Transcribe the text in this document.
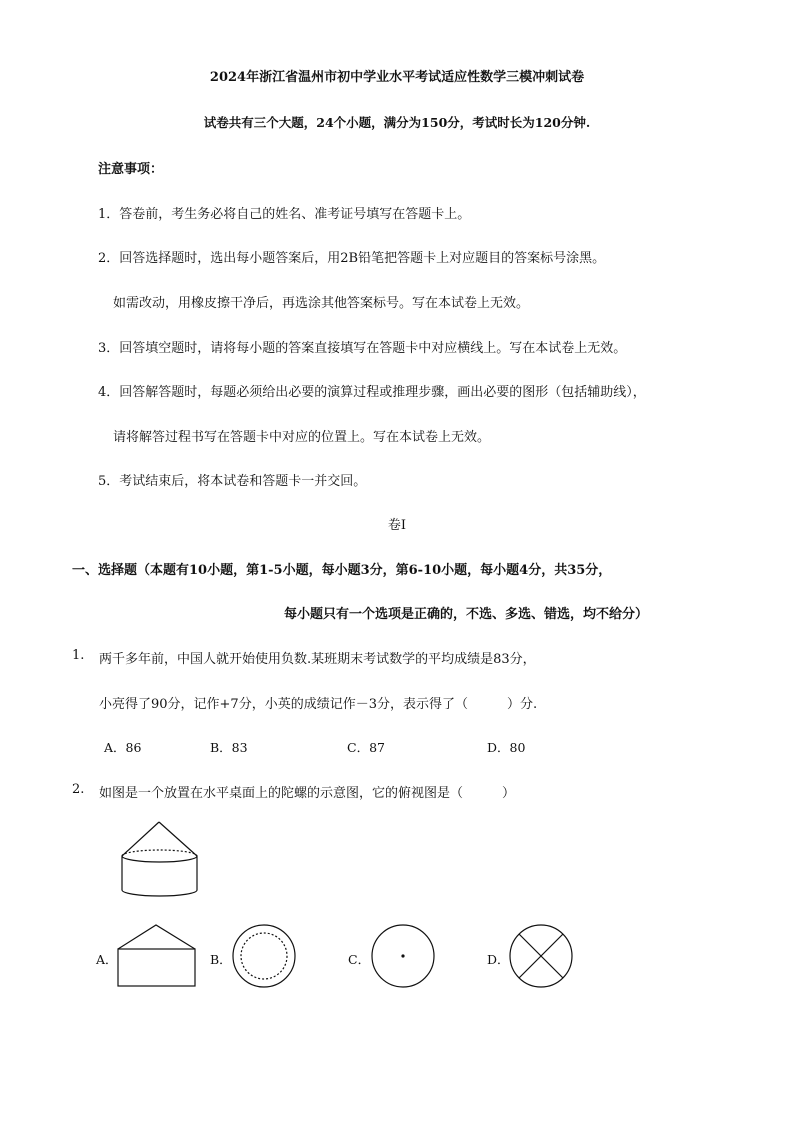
2024年浙江省温州市初中学业水平考试适应性数学三模冲刺试卷
试卷共有三个大题，24个小题，满分为150分，考试时长为120分钟.
注意事项：
1．答卷前，考生务必将自己的姓名、准考证号填写在答题卡上。
2．回答选择题时，选出每小题答案后，用2B铅笔把答题卡上对应题目的答案标号涂黑。
如需改动，用橡皮擦干净后，再选涂其他答案标号。写在本试卷上无效。
3．回答填空题时，请将每小题的答案直接填写在答题卡中对应横线上。写在本试卷上无效。
4．回答解答题时，每题必须给出必要的演算过程或推理步骤，画出必要的图形（包括辅助线），
请将解答过程书写在答题卡中对应的位置上。写在本试卷上无效。
5．考试结束后，将本试卷和答题卡一并交回。
卷I
一、选择题（本题有10小题，第1-5小题，每小题3分，第6-10小题，每小题4分，共35分，
每小题只有一个选项是正确的，不选、多选、错选，均不给分）
1. 两千多年前，中国人就开始使用负数.某班期末考试数学的平均成绩是83分，
小亮得了90分，记作+7分，小英的成绩记作－3分，表示得了（　　　）分.
A．86	B．83	C．87	D．80
2. 如图是一个放置在水平桌面上的陀螺的示意图，它的俯视图是（　　　）
A．	B．	C．	D．
